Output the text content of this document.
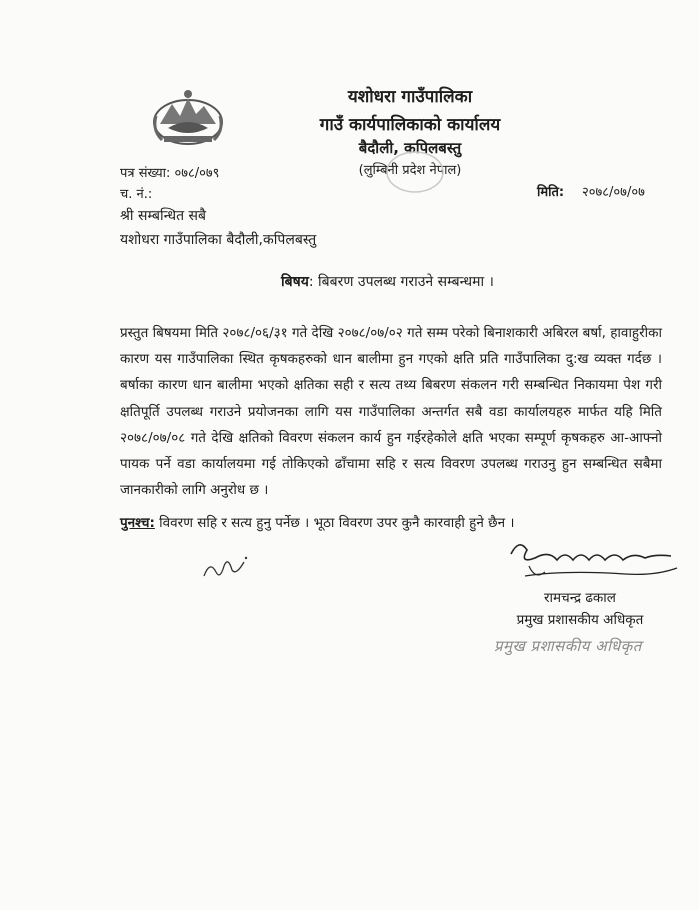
यशोधरा गाउँपालिका
गाउँ कार्यपालिकाको कार्यालय
बैदौली, कपिलबस्तु
(लुम्बिनी प्रदेश नेपाल)
पत्र संख्या: ०७८/०७९
च. नं.:	मिति: २०७८/०७/०७
श्री सम्बन्धित सबै
यशोधरा गाउँपालिका बैदौली,कपिलबस्तु
बिषय: बिबरण उपलब्ध गराउने सम्बन्धमा ।
प्रस्तुत बिषयमा मिति २०७८/०६/३१ गते देखि २०७८/०७/०२ गते सम्म परेको बिनाशकारी अबिरल बर्षा, हावाहुरीका कारण यस गाउँपालिका स्थित कृषकहरुको धान बालीमा हुन गएको क्षति प्रति गाउँपालिका दु:ख व्यक्त गर्दछ । बर्षाका कारण धान बालीमा भएको क्षतिका सही र सत्य तथ्य बिबरण संकलन गरी सम्बन्धित निकायमा पेश गरी क्षतिपूर्ति उपलब्ध गराउने प्रयोजनका लागि यस गाउँपालिका अन्तर्गत सबै वडा कार्यालयहरु मार्फत यहि मिति २०७८/०७/०८ गते देखि क्षतिको विवरण संकलन कार्य हुन गईरहेकोले क्षति भएका सम्पूर्ण कृषकहरु आ-आफ्नो पायक पर्ने वडा कार्यालयमा गई तोकिएको ढाँचामा सहि र सत्य विवरण उपलब्ध गराउनु हुन सम्बन्धित सबैमा जानकारीको लागि अनुरोध छ ।
पुनश्च: विवरण सहि र सत्य हुनु पर्नेछ । भूठा विवरण उपर कुनै कारवाही हुने छैन ।
रामचन्द्र ढकाल
प्रमुख प्रशासकीय अधिकृत
प्रमुख प्रशासकीय अधिकृत
